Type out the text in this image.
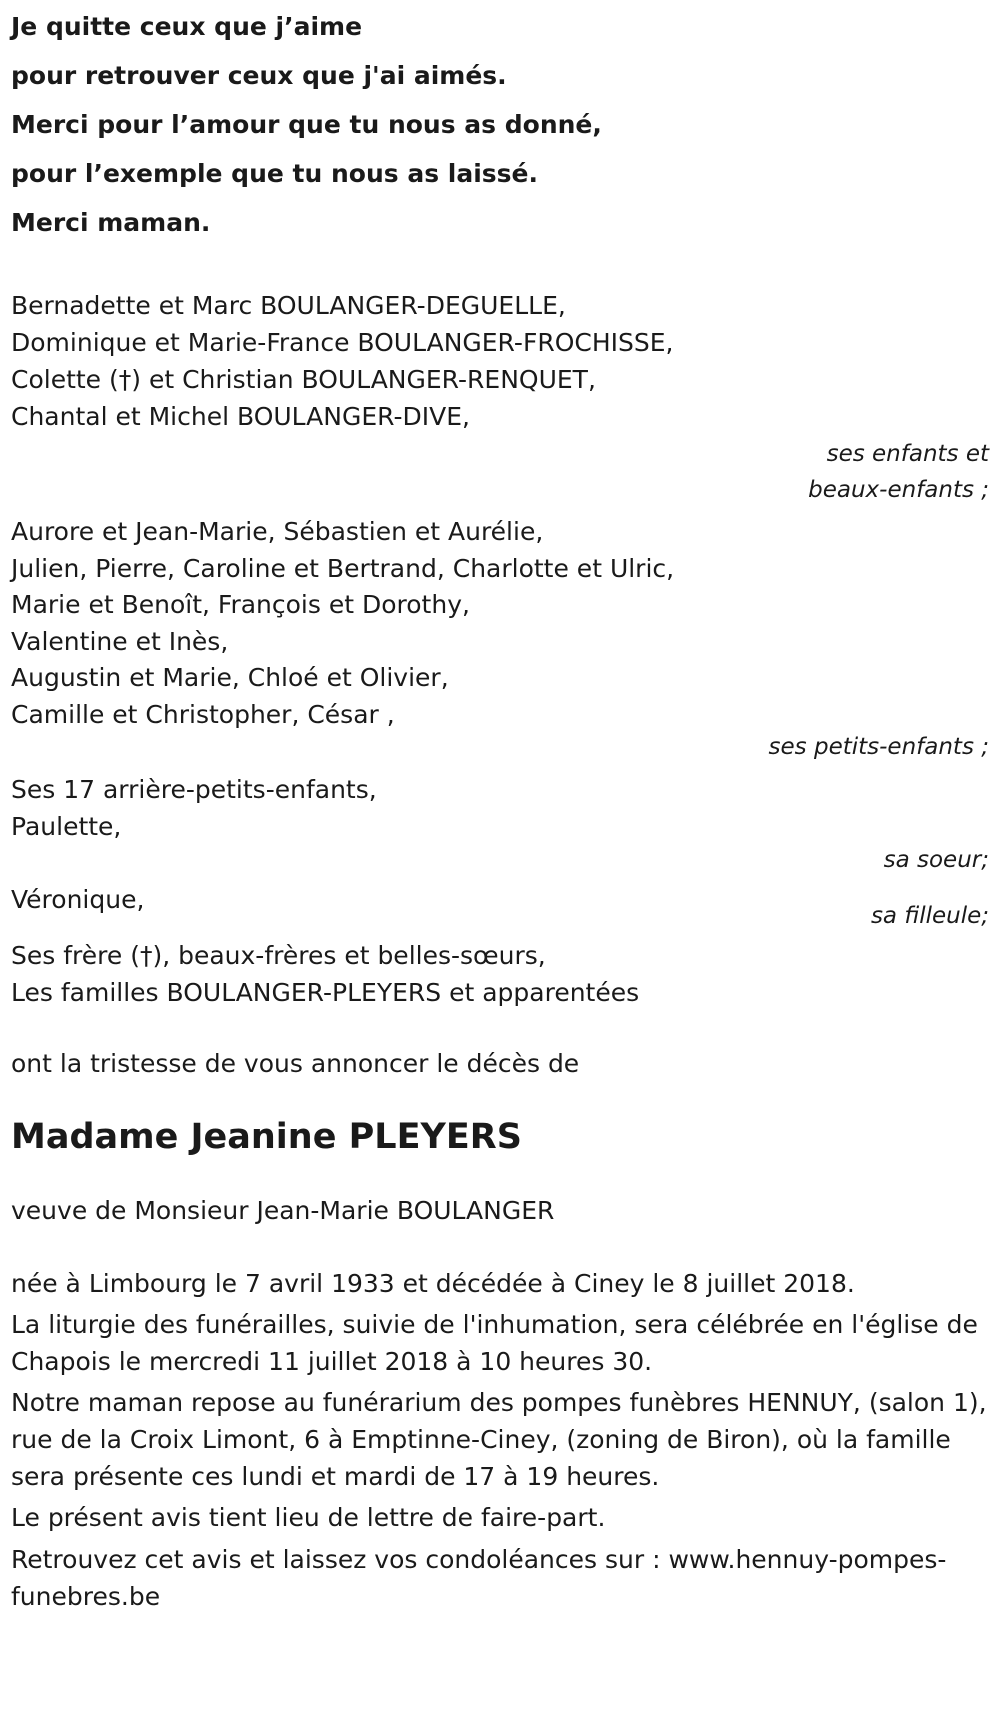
Je quitte ceux que j’aime

pour retrouver ceux que j'ai aimés.

Merci pour l’amour que tu nous as donné,

pour l’exemple que tu nous as laissé.

Merci maman.

Bernadette et Marc BOULANGER-DEGUELLE,

Dominique et Marie-France BOULANGER-FROCHISSE,

Colette (†) et Christian BOULANGER-RENQUET,

Chantal et Michel BOULANGER-DIVE,

ses enfants et

beaux-enfants ;

Aurore et Jean-Marie, Sébastien et Aurélie,

Julien, Pierre, Caroline et Bertrand, Charlotte et Ulric,

Marie et Benoît, François et Dorothy,

Valentine et Inès,

Augustin et Marie, Chloé et Olivier,

Camille et Christopher, César ,

ses petits-enfants ;

Ses 17 arrière-petits-enfants,

Paulette,

sa soeur;

Véronique,

sa filleule;

Ses frère (†), beaux-frères et belles-sœurs,

Les familles BOULANGER-PLEYERS et apparentées

ont la tristesse de vous annoncer le décès de

Madame Jeanine PLEYERS

veuve de Monsieur Jean-Marie BOULANGER

née à Limbourg le 7 avril 1933 et décédée à Ciney le 8 juillet 2018.

La liturgie des funérailles, suivie de l'inhumation, sera célébrée en l'église de Chapois le mercredi 11 juillet 2018 à 10 heures 30.

Notre maman repose au funérarium des pompes funèbres HENNUY, (salon 1), rue de la Croix Limont, 6 à Emptinne-Ciney, (zoning de Biron), où la famille sera présente ces lundi et mardi de 17 à 19 heures.

Le présent avis tient lieu de lettre de faire-part.

Retrouvez cet avis et laissez vos condoléances sur : www.hennuy-pompes-funebres.be
